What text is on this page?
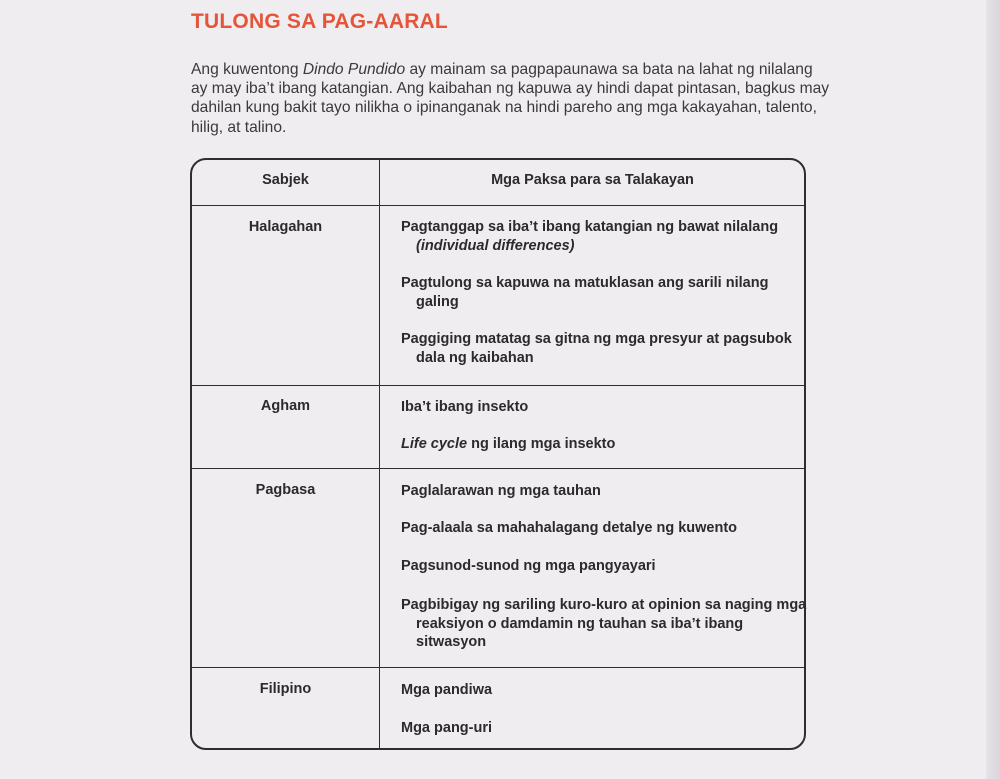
TULONG SA PAG-AARAL

Ang kuwentong Dindo Pundido ay mainam sa pagpapaunawa sa bata na lahat ng nilalang ay may iba’t ibang katangian. Ang kaibahan ng kapuwa ay hindi dapat pintasan, bagkus may dahilan kung bakit tayo nilikha o ipinanganak na hindi pareho ang mga kakayahan, talento, hilig, at talino.

Sabjek	Mga Paksa para sa Talakayan
Halagahan	Pagtanggap sa iba’t ibang katangian ng bawat nilalang (individual differences)
Pagtulong sa kapuwa na matuklasan ang sarili nilang galing
Paggiging matatag sa gitna ng mga presyur at pagsubok dala ng kaibahan
Agham	Iba’t ibang insekto
Life cycle ng ilang mga insekto
Pagbasa	Paglalarawan ng mga tauhan
Pag-alaala sa mahahalagang detalye ng kuwento
Pagsunod-sunod ng mga pangyayari
Pagbibigay ng sariling kuro-kuro at opinion sa naging mga reaksiyon o damdamin ng tauhan sa iba’t ibang sitwasyon
Filipino	Mga pandiwa
Mga pang-uri
